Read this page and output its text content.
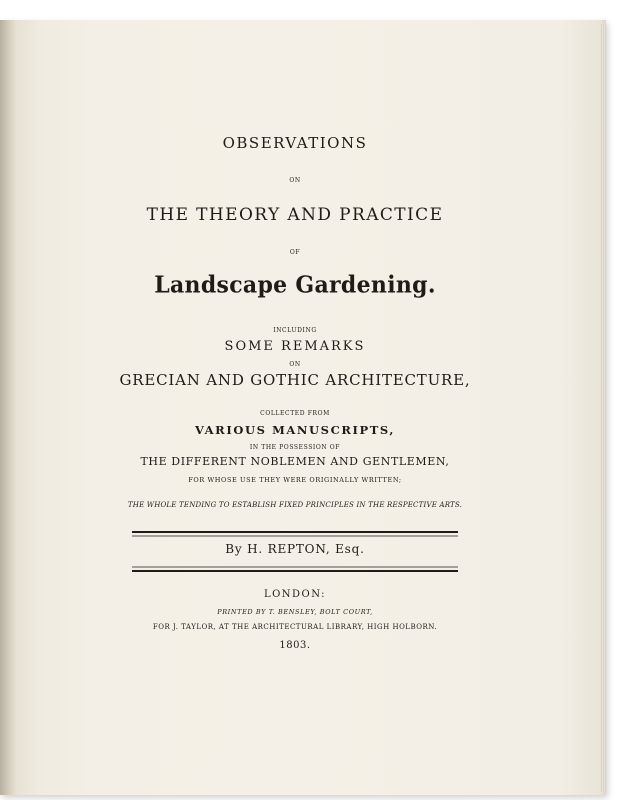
OBSERVATIONS

ON

THE THEORY AND PRACTICE

OF

Landscape Gardening.

INCLUDING

SOME REMARKS

ON

GRECIAN AND GOTHIC ARCHITECTURE,

COLLECTED FROM

VARIOUS MANUSCRIPTS,

IN THE POSSESSION OF

THE DIFFERENT NOBLEMEN AND GENTLEMEN,

FOR WHOSE USE THEY WERE ORIGINALLY WRITTEN;

THE WHOLE TENDING TO ESTABLISH FIXED PRINCIPLES IN THE RESPECTIVE ARTS.

By H. REPTON, Esq.

LONDON:

PRINTED BY T. BENSLEY, BOLT COURT,

FOR J. TAYLOR, AT THE ARCHITECTURAL LIBRARY, HIGH HOLBORN.

1803.
